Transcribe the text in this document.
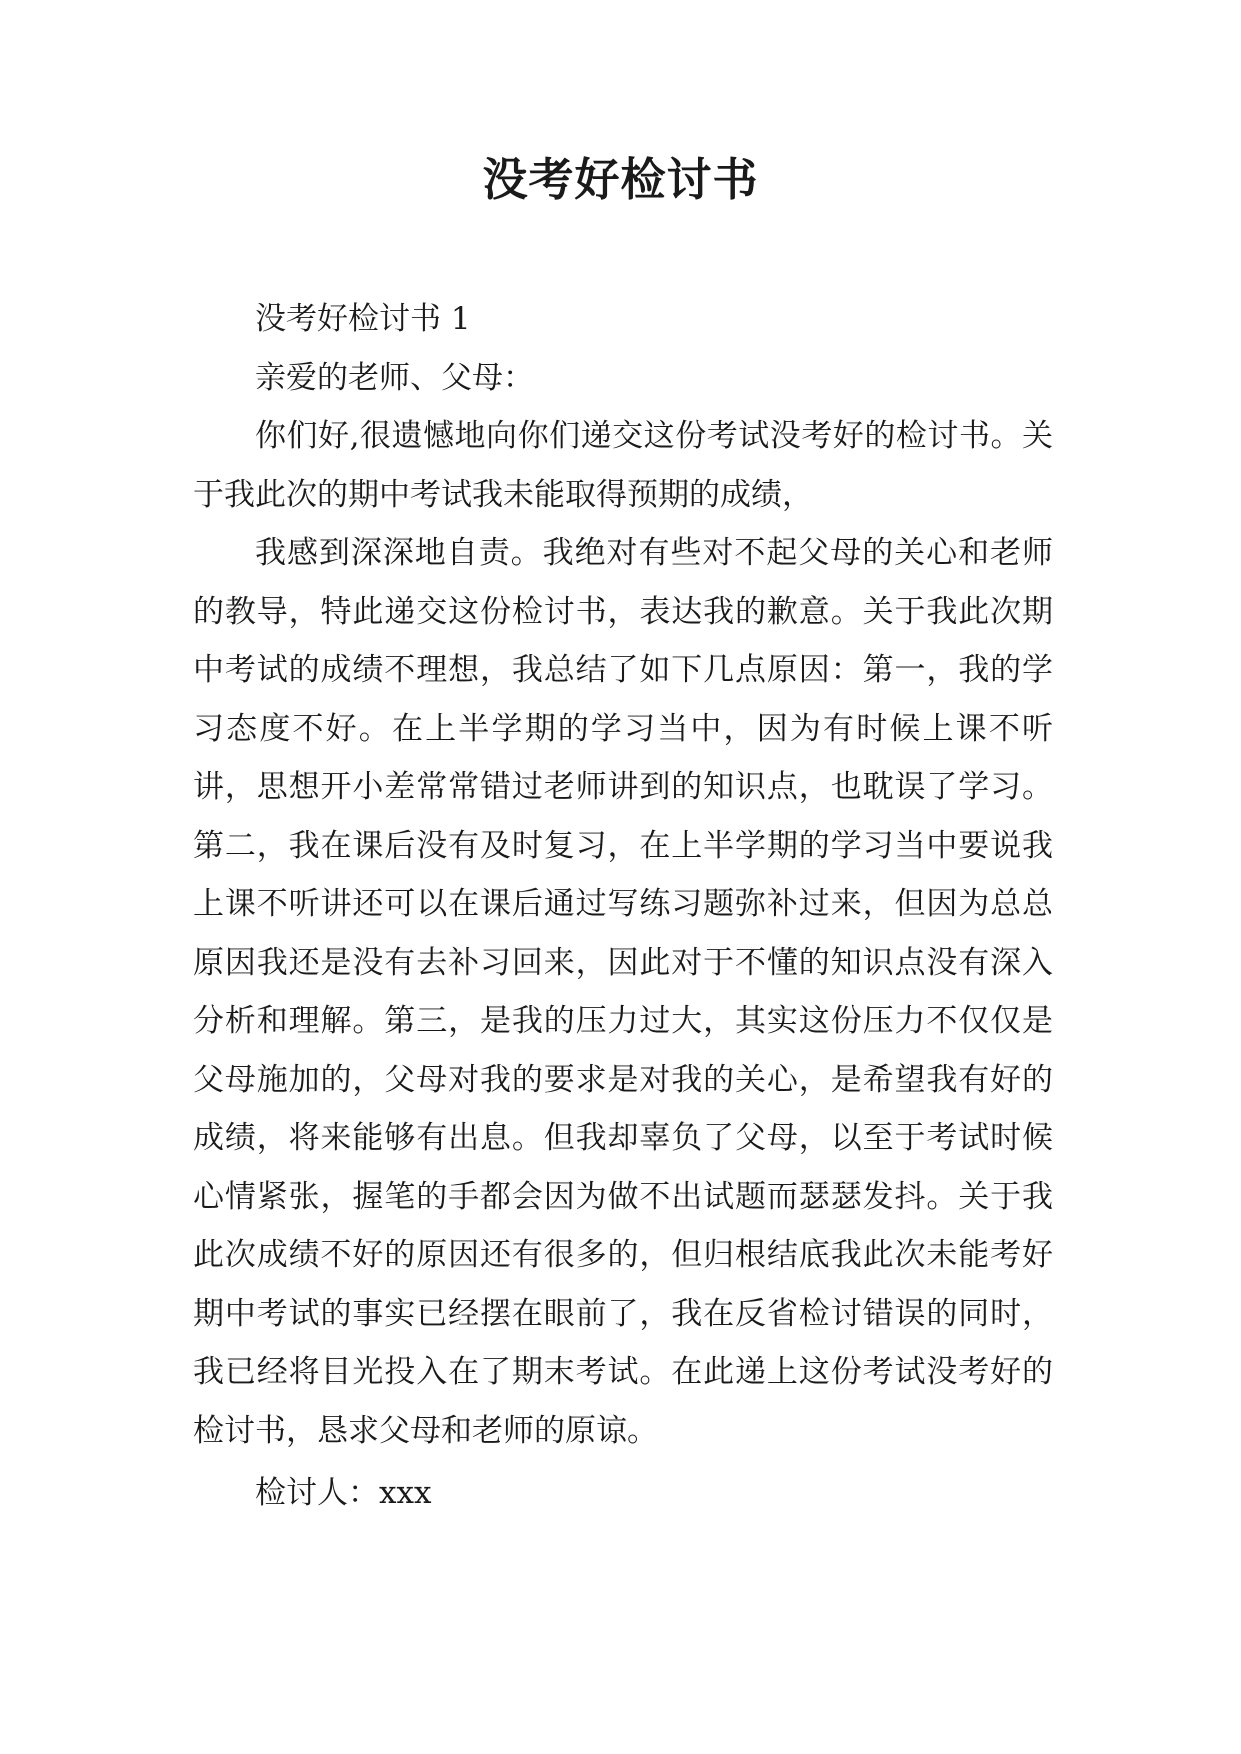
没考好检讨书

没考好检讨书 1

亲爱的老师、父母：

你们好,很遗憾地向你们递交这份考试没考好的检讨书。关于我此次的期中考试我未能取得预期的成绩，

我感到深深地自责。我绝对有些对不起父母的关心和老师的教导，特此递交这份检讨书，表达我的歉意。关于我此次期中考试的成绩不理想，我总结了如下几点原因：第一，我的学习态度不好。在上半学期的学习当中，因为有时候上课不听讲，思想开小差常常错过老师讲到的知识点，也耽误了学习。第二，我在课后没有及时复习，在上半学期的学习当中要说我上课不听讲还可以在课后通过写练习题弥补过来，但因为总总原因我还是没有去补习回来，因此对于不懂的知识点没有深入分析和理解。第三，是我的压力过大，其实这份压力不仅仅是父母施加的，父母对我的要求是对我的关心，是希望我有好的成绩，将来能够有出息。但我却辜负了父母，以至于考试时候心情紧张，握笔的手都会因为做不出试题而瑟瑟发抖。关于我此次成绩不好的原因还有很多的，但归根结底我此次未能考好期中考试的事实已经摆在眼前了，我在反省检讨错误的同时，我已经将目光投入在了期末考试。在此递上这份考试没考好的检讨书，恳求父母和老师的原谅。

检讨人：xxx
